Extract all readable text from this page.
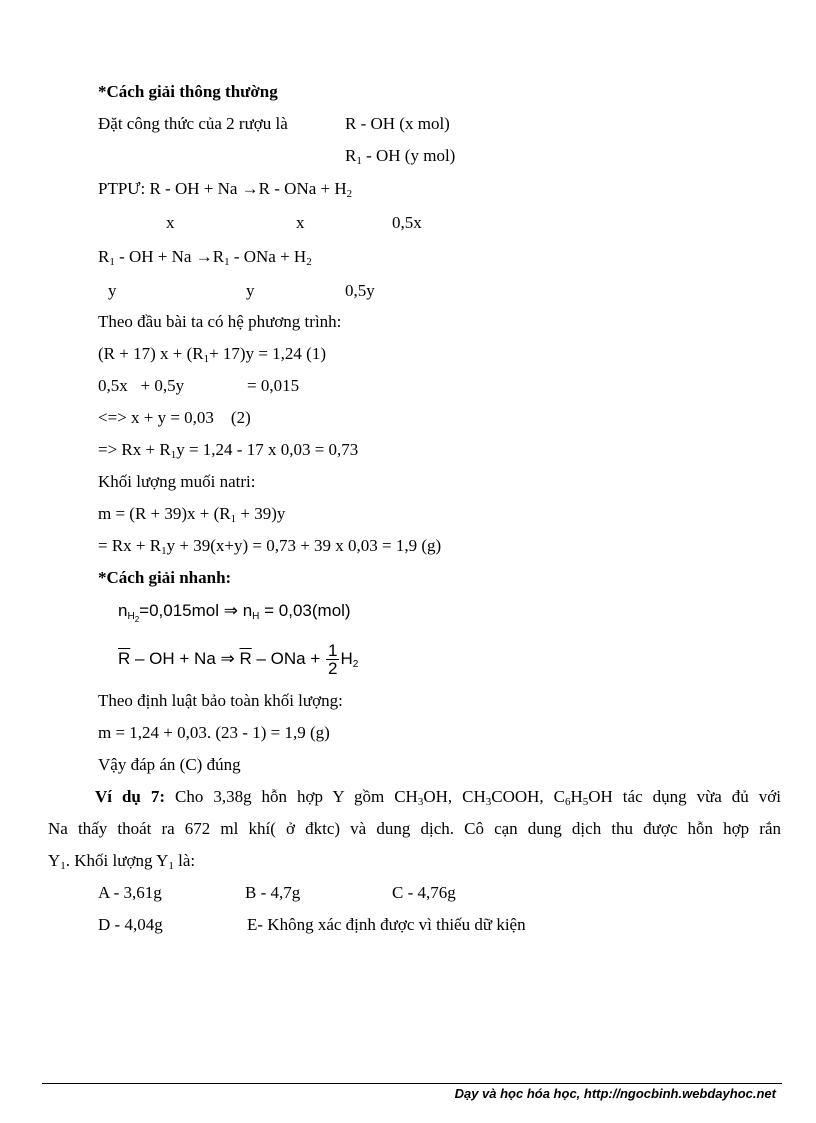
*Cách giải thông thường
Đặt công thức của 2 rượu là	R - OH (x mol)
$R_1$ - OH (y mol)
PTPƯ: R - OH + Na →R - ONa + $H_2$
x	x	0,5x
$R_1$ - OH + $Na \to R_1$ - ONa + $H_2$
y	y	0,5y
Theo đầu bài ta có hệ phương trình:
(R + 17) $x + (R_1+ 17)y = 1,24$ (1)
0,5x   + 0,5y	= 0,015
<=> x + y = 0,03    (2)
=> $Rx + R_1y = 1,24 - 17$ x 0,03 = 0,73
Khối lượng muối natri:
$m = (R + 39)x + (R_1 + 39)y$
= $Rx + R_1y + 39(x+y) = 0,73 + 39$ x 0,03 = 1,9 (g)
*Cách giải nhanh:
$n_{H_2}=0,015mol$ ⇒ $n_H = 0,03(mol)$
$\overline{R}$ – OH + Na ⇒ $\overline{R}$ – ONa + $\frac{1}{2} H_2$
Theo định luật bảo toàn khối lượng:
m = 1,24 + 0,03. (23 - 1) = 1,9 (g)
Vậy đáp án (C) đúng
Ví dụ 7: Cho 3,38g hỗn hợp Y gồm $CH_3OH$, $CH_3COOH$, $C_6H_5OH$ tác dụng vừa đủ với
Na thấy thoát ra 672 ml khí( ở đktc) và dung dịch. Cô cạn dung dịch thu được hỗn hợp rắn
$Y_1$. Khối lượng $Y_1$ là:
A - 3,61g	B - 4,7g	C - 4,76g
D - 4,04g	E- Không xác định được vì thiếu dữ kiện
Dạy và học hóa học, http://ngocbinh.webdayhoc.net
